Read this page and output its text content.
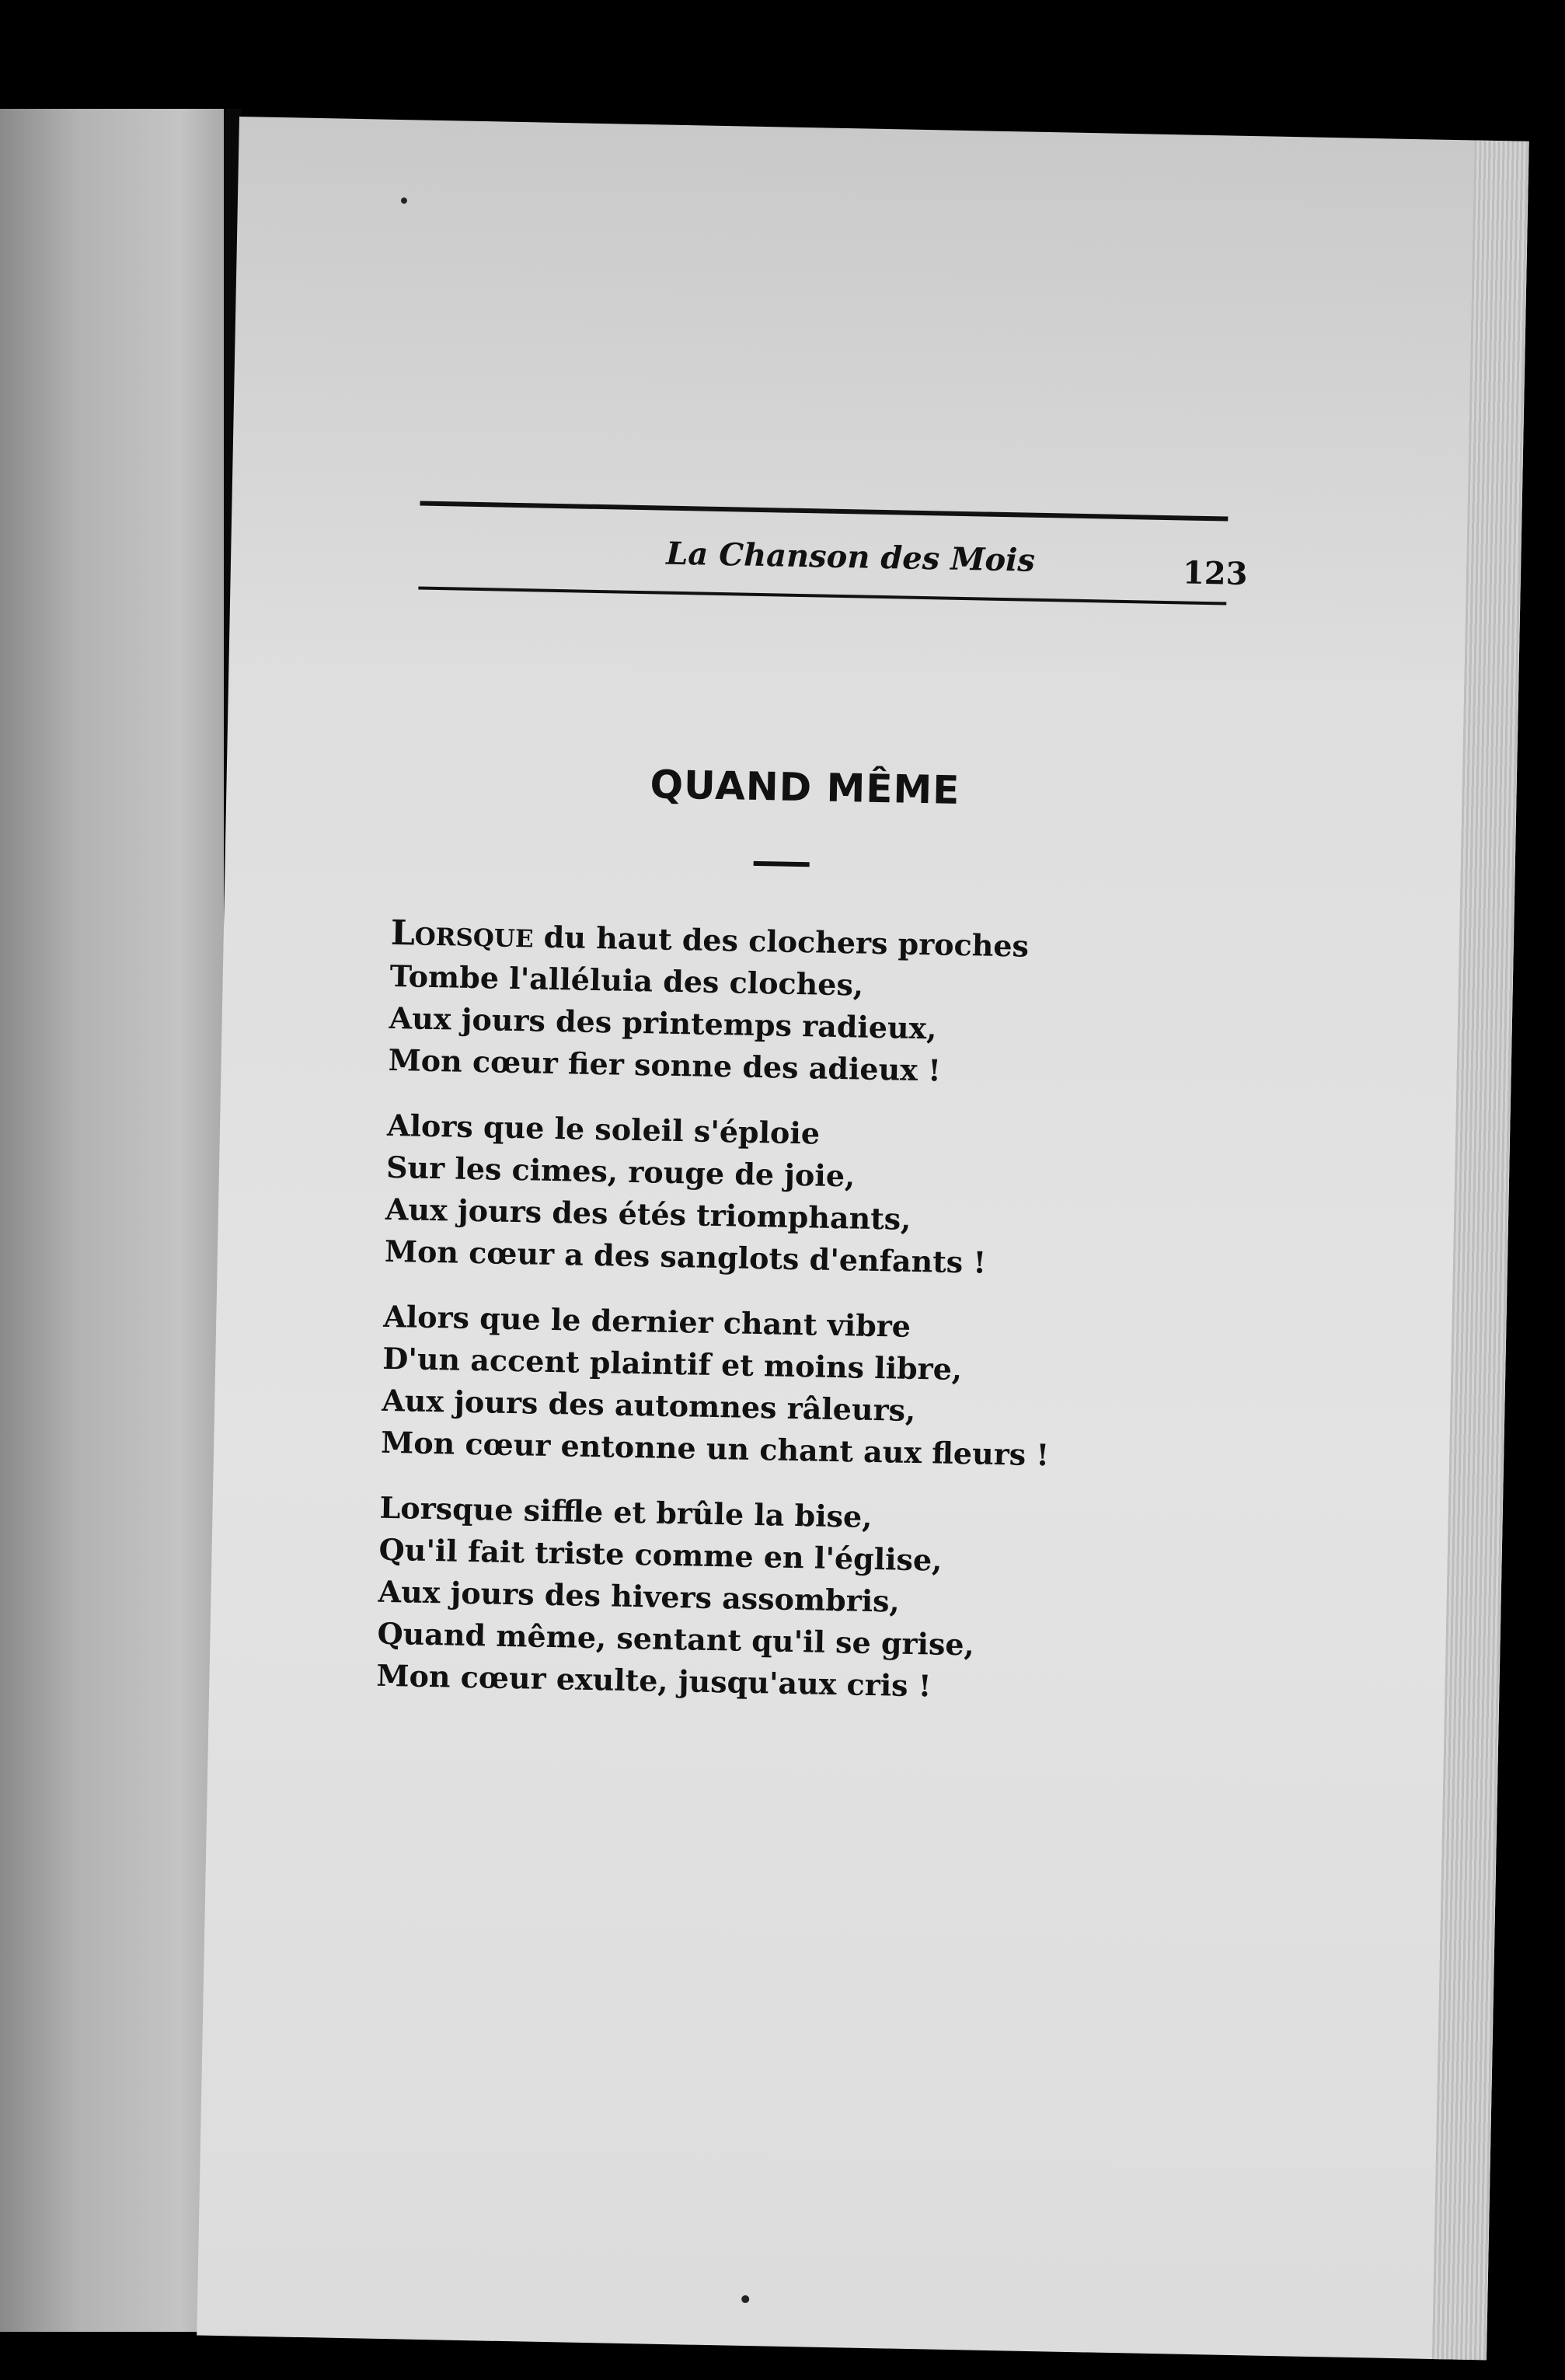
La Chanson des Mois	123
QUAND MÊME
Lorsque du haut des clochers proches
Tombe l'alléluia des cloches,
Aux jours des printemps radieux,
Mon cœur fier sonne des adieux !
Alors que le soleil s'éploie
Sur les cimes, rouge de joie,
Aux jours des étés triomphants,
Mon cœur a des sanglots d'enfants !
Alors que le dernier chant vibre
D'un accent plaintif et moins libre,
Aux jours des automnes râleurs,
Mon cœur entonne un chant aux fleurs !
Lorsque siffle et brûle la bise,
Qu'il fait triste comme en l'église,
Aux jours des hivers assombris,
Quand même, sentant qu'il se grise,
Mon cœur exulte, jusqu'aux cris !
